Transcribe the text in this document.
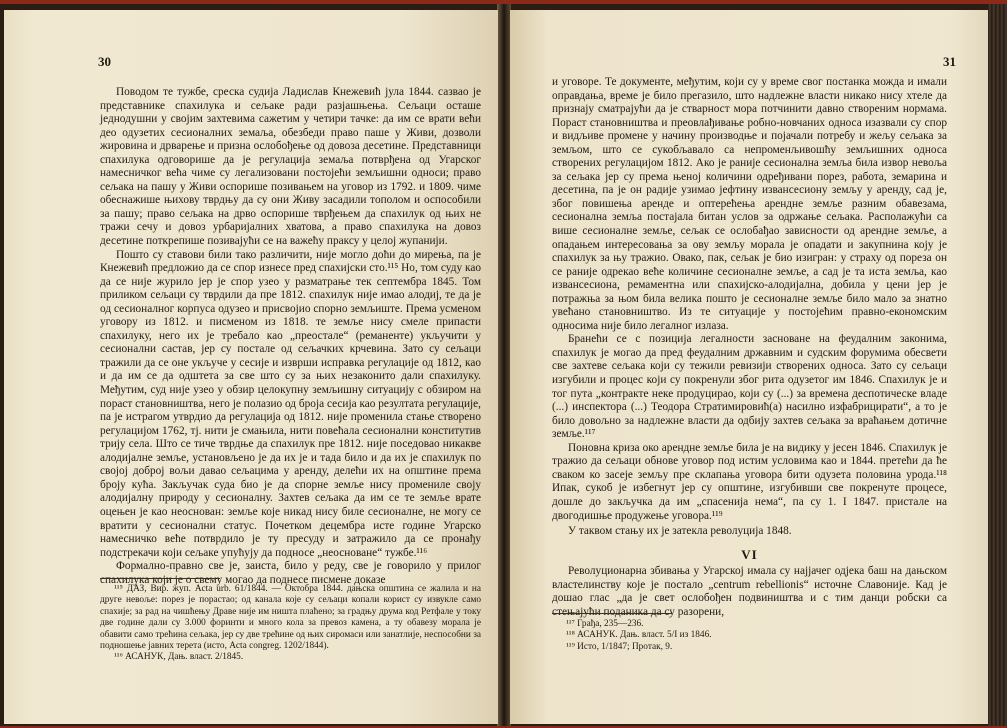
30

Поводом те тужбе, среска судија Ладислав Кнежевић јула 1844. сазвао је представнике спахилука и сељаке ради разјашњења. Сељаци осташе једнодушни у својим захтевима сажетим у четири тачке: да им се врати већи део одузетих сесионалних земаља, обезбеди право паше у Живи, дозволи жировина и дрварење и призна ослобођење од довоза десетине. Представници спахилука одговорише да је регулација земаља потврђена од Угарског намесничког већа чиме су легализовани постојећи земљишни односи; право сељака на пашу у Живи оспорише позивањем на уговор из 1792. и 1809. чиме обеснажише њихову тврдњу да су они Живу засадили тополом и оспособили за пашу; право сељака на дрво оспорише тврђењем да спахилук од њих не тражи сечу и довоз урбаријалних хватова, а право спахилука на довоз десетине поткрепише позивајући се на важећу праксу у целој жупанији.

Пошто су ставови били тако различити, није могло доћи до мирења, па је Кнежевић предложио да се спор изнесе пред спахијски сто.¹¹⁵ Но, том суду као да се није журило јер је спор узео у разматрање тек септембра 1845. Том приликом сељаци су тврдили да пре 1812. спахилук није имао алодиј, те да је од сесионалног корпуса одузео и присвојио спорно земљиште. Према усменом уговору из 1812. и писменом из 1818. те земље нису смеле припасти спахилуку, него их је требало као „преостале“ (реманенте) укључити у сесионални састав, јер су постале од сељачких крчевина. Зато су сељаци тражили да се оне укључе у сесије и изврши исправка регулације од 1812, као и да им се да одштета за све што су за њих незаконито дали спахилуку. Међутим, суд није узео у обзир целокупну земљишну ситуацију с обзиром на пораст становништва, него је полазио од броја сесија као резултата регулације, па је истрагом утврдио да регулација од 1812. није променила стање створено регулацијом 1762, тј. нити је смањила, нити повећала сесионални конститутив трију села. Што се тиче тврдње да спахилук пре 1812. није поседовао никакве алодијалне земље, установљено је да их је и тада било и да их је спахилук по својој доброј вољи давао сељацима у аренду, делећи их на општине према броју кућа. Закључак суда био је да спорне земље нису промениле своју алодијалну природу у сесионалну. Захтев сељака да им се те земље врате оцењен је као неоснован: земље које никад нису биле сесионалне, не могу се вратити у сесионални статус. Почетком децембра исте године Угарско намесничко веће потврдило је ту пресуду и затражило да се пронађу подстрекачи који сељаке упућују да подносе „неосноване“ тужбе.¹¹⁶

Формално-правно све је, заиста, било у реду, све је говорило у прилог спахилука који је о свему могао да поднесе писмене доказе

¹¹⁵ ДАЗ, Вир. жуп. Acta urb. 61/1844. — Октобра 1844. дањска општина се жалила и на друге невоље: порез је порастао; од канала које су сељаци копали корист су извукле само спахије; за рад на чишћењу Драве није им ништа плаћено; за градњу друма код Ретфале у току две године дали су 3.000 форинти и много кола за превоз камена, а ту обавезу морала је обавити само трећина сељака, јер су две трећине од њих сиромаси или занатлије, неспособни за подношење јавних терета (исто, Acta congreg. 1202/1844).

¹¹⁶ АСАНУК, Дањ. власт. 2/1845.

31

и уговоре. Те документе, међутим, који су у време свог постанка можда и имали оправдања, време је било прегазило, што надлежне власти никако нису хтеле да признају сматрајући да је стварност мора потчинити давно створеним нормама. Пораст становништва и преовлађивање робно-новчаних односа изазвали су спор и видљиве промене у начину производње и појачали потребу и жељу сељака за земљом, што се сукобљавало са непроменљивошћу земљишних односа створених регулацијом 1812. Ако је раније сесионална земља била извор невоља за сељака јер су према њеној количини одређивани порез, работа, земарина и десетина, па је он радије узимао јефтину извансесиону земљу у аренду, сад је, због повишења аренде и оптерећења арендне земље разним обавезама, сесионална земља постајала битан услов за одржање сељака. Располажући са више сесионалне земље, сељак се ослобађао зависности од арендне земље, а опадањем интересовања за ову земљу морала је опадати и закупнина коју је спахилук за њу тражио. Овако, пак, сељак је био изигран: у страху од пореза он се раније одрекао веће количине сесионалне земље, а сад је та иста земља, као извансесиона, ремаментна или спахијско-алодијална, добила у цени јер је потражња за њом била велика пошто је сесионалне земље било мало за знатно увећано становништво. Из те ситуације у постојећим правно-економским односима није било легалног излаза.

Бранећи се с позиција легалности засноване на феудалним законима, спахилук је могао да пред феудалним државним и судским форумима обесвети све захтеве сељака који су тежили ревизији створених односа. Зато су сељаци изгубили и процес који су покренули због рита одузетог им 1846. Спахилук је и тог пута „контракте неке продуцирао, који су (...) за времена деспотическе владе (...) инспектора (...) Теодора Стратимировић(а) насилно изфабрицирати“, а то је било довољно за надлежне власти да одбију захтев сељака за враћањем дотичне земље.¹¹⁷

Поновна криза око арендне земље била је на видику у јесен 1846. Спахилук је тражио да сељаци обнове уговор под истим условима као и 1844. претећи да ће сваком ко засеје земљу пре склапања уговора бити одузета половина урода.¹¹⁸ Ипак, сукоб је избегнут јер су општине, изгубивши све покренуте процесе, дошле до закључка да им „спасенија нема“, па су 1. I 1847. пристале на двогодишње продужење уговора.¹¹⁹

У таквом стању их је затекла револуција 1848.

VI

Револуционарна збивања у Угарској имала су најјачег одјека баш на дањском властелинству које је постало „centrum rebellionis“ источне Славоније. Кад је дошао глас „да је свет ослобођен подвиништва и с тим данци робски са стењајући поданика да су разорени,

¹¹⁷ Грађа, 235—236.

¹¹⁸ АСАНУК. Дањ. власт. 5/I из 1846.

¹¹⁹ Исто, 1/1847; Протак, 9.
